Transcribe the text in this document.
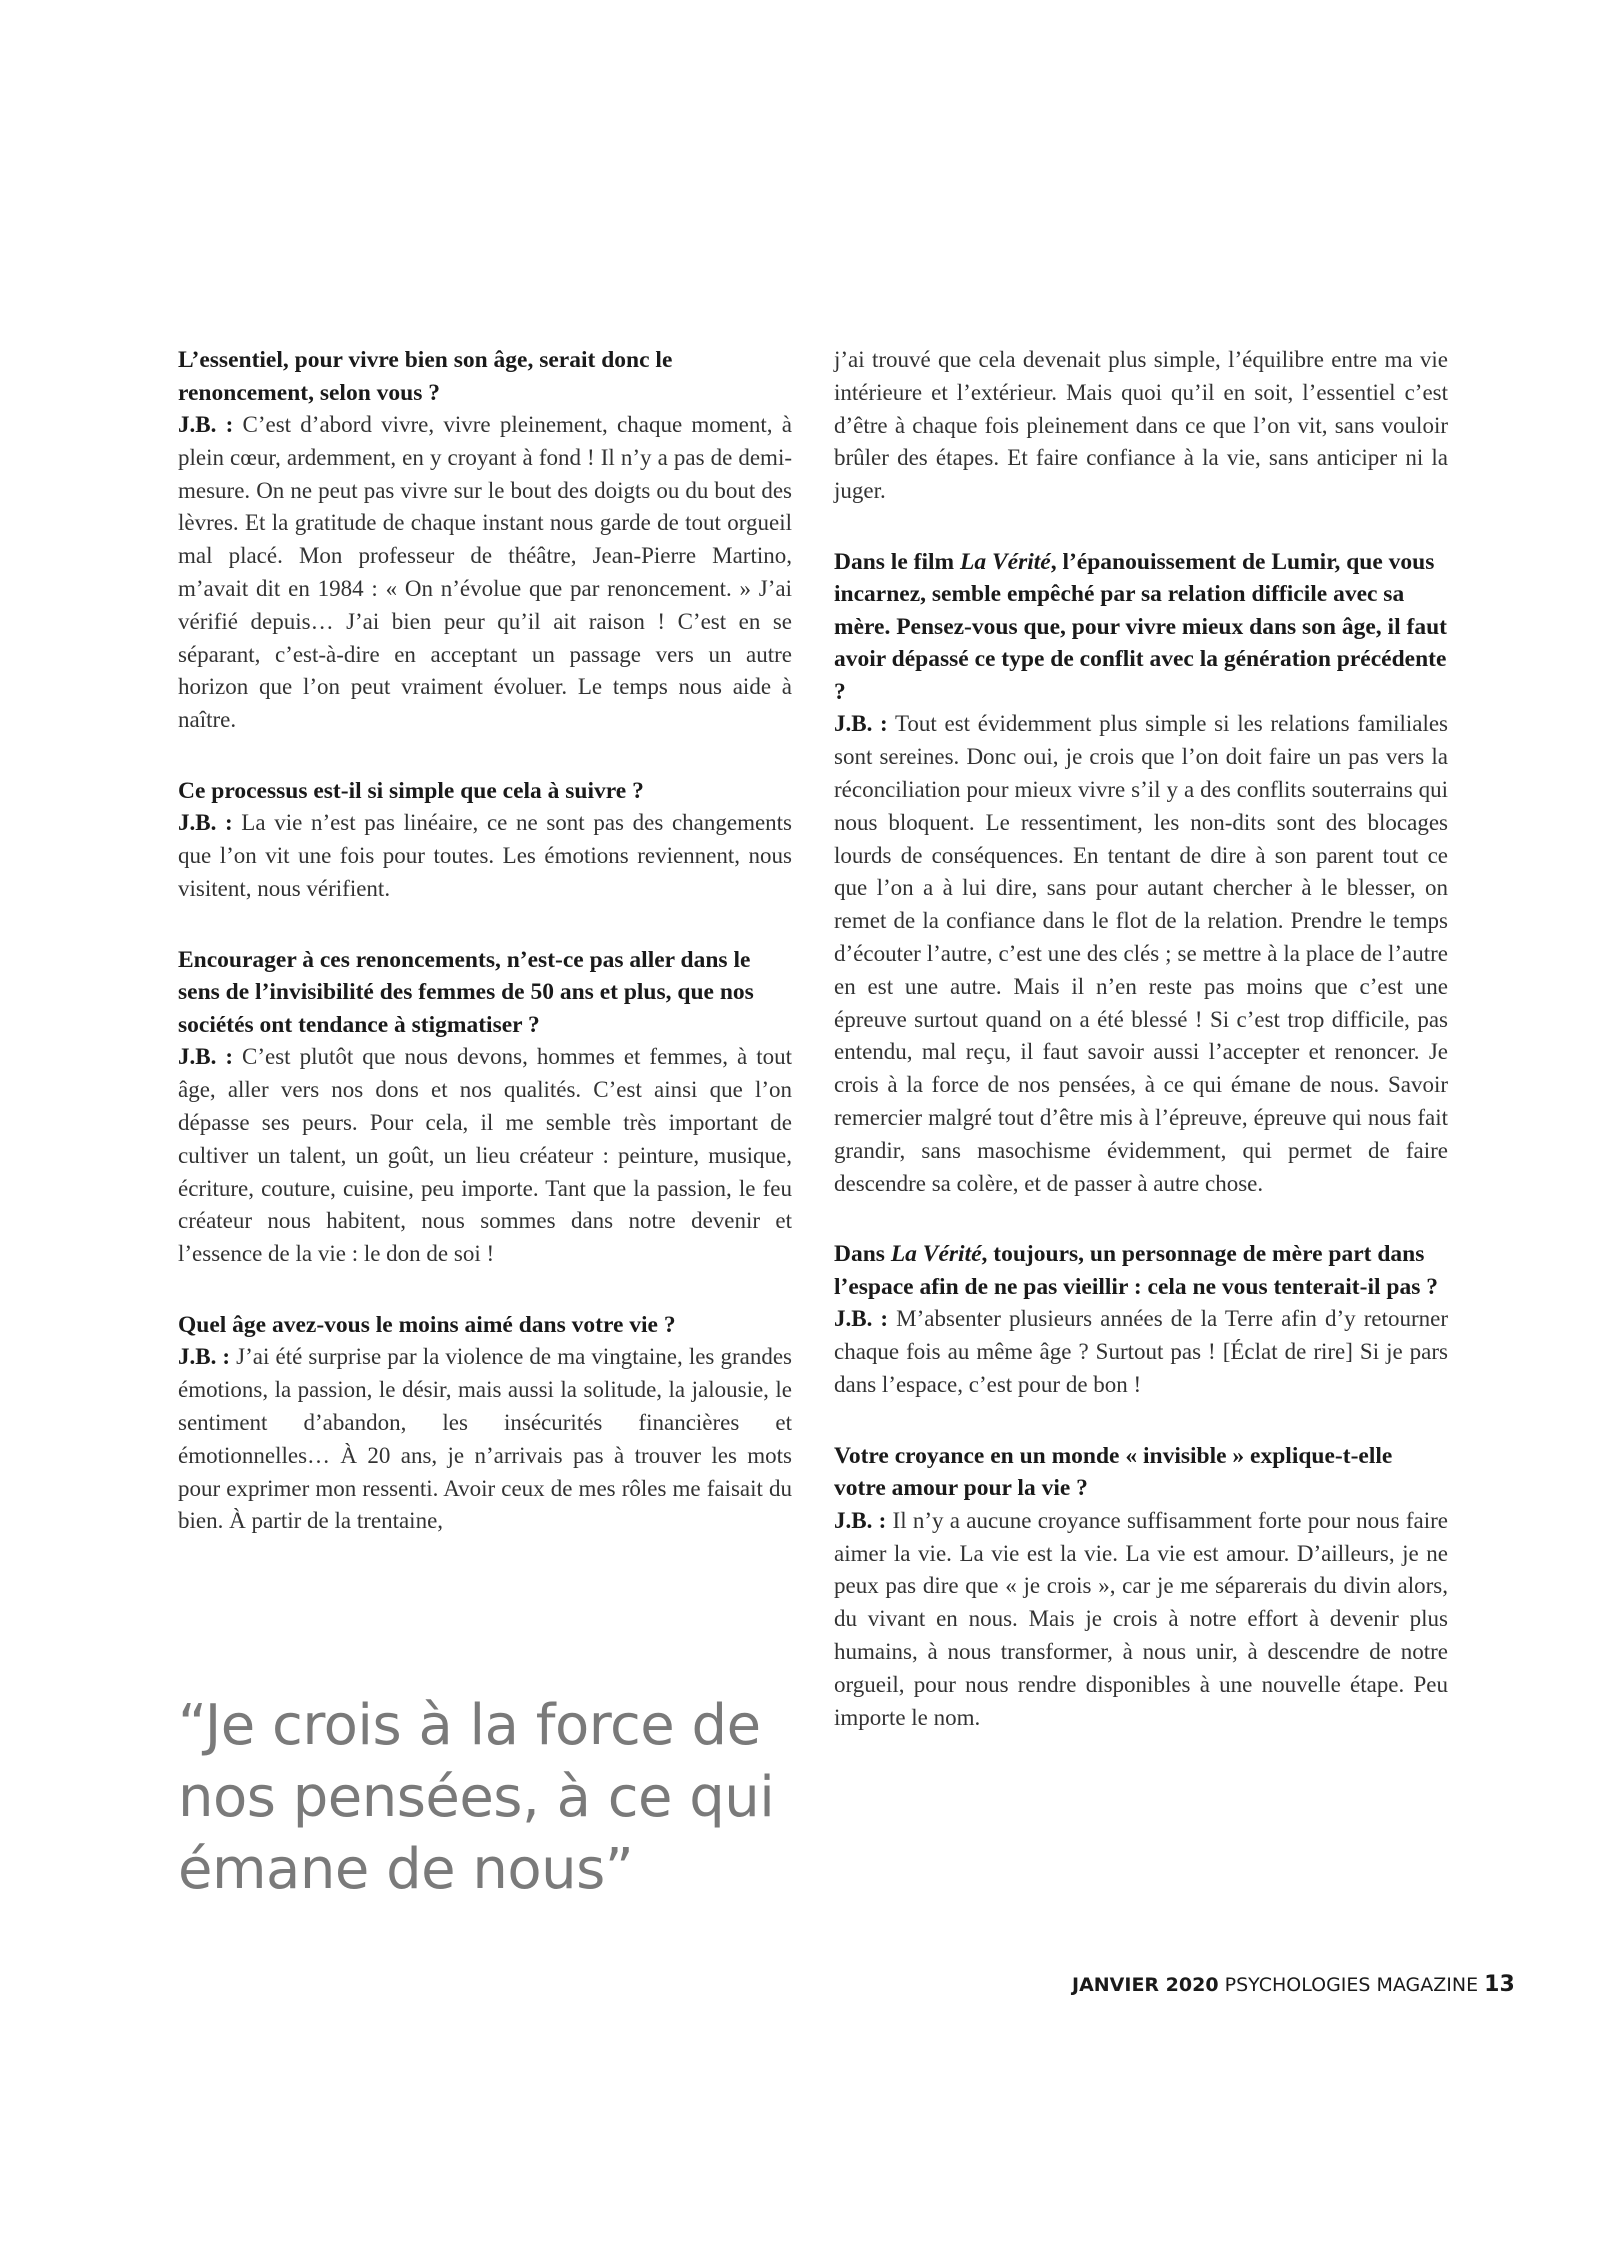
L’essentiel, pour vivre bien son âge, serait donc le renoncement, selon vous ?

J.B. : C’est d’abord vivre, vivre pleinement, chaque moment, à plein cœur, ardemment, en y croyant à fond ! Il n’y a pas de demi-mesure. On ne peut pas vivre sur le bout des doigts ou du bout des lèvres. Et la gratitude de chaque instant nous garde de tout orgueil mal placé. Mon professeur de théâtre, Jean-Pierre Martino, m’avait dit en 1984 : « On n’évolue que par renoncement. » J’ai vérifié depuis… J’ai bien peur qu’il ait raison ! C’est en se séparant, c’est-à-dire en acceptant un passage vers un autre horizon que l’on peut vraiment évoluer. Le temps nous aide à naître.

Ce processus est-il si simple que cela à suivre ?

J.B. : La vie n’est pas linéaire, ce ne sont pas des changements que l’on vit une fois pour toutes. Les émotions reviennent, nous visitent, nous vérifient.

Encourager à ces renoncements, n’est-ce pas aller dans le sens de l’invisibilité des femmes de 50 ans et plus, que nos sociétés ont tendance à stigmatiser ?

J.B. : C’est plutôt que nous devons, hommes et femmes, à tout âge, aller vers nos dons et nos qualités. C’est ainsi que l’on dépasse ses peurs. Pour cela, il me semble très important de cultiver un talent, un goût, un lieu créateur : peinture, musique, écriture, couture, cuisine, peu importe. Tant que la passion, le feu créateur nous habitent, nous sommes dans notre devenir et l’essence de la vie : le don de soi !

Quel âge avez-vous le moins aimé dans votre vie ?

J.B. : J’ai été surprise par la violence de ma vingtaine, les grandes émotions, la passion, le désir, mais aussi la solitude, la jalousie, le sentiment d’abandon, les insécurités financières et émotionnelles… À 20 ans, je n’arrivais pas à trouver les mots pour exprimer mon ressenti. Avoir ceux de mes rôles me faisait du bien. À partir de la trentaine,

“Je crois à la force de nos pensées, à ce qui émane de nous”

j’ai trouvé que cela devenait plus simple, l’équilibre entre ma vie intérieure et l’extérieur. Mais quoi qu’il en soit, l’essentiel c’est d’être à chaque fois pleinement dans ce que l’on vit, sans vouloir brûler des étapes. Et faire confiance à la vie, sans anticiper ni la juger.

Dans le film La Vérité, l’épanouissement de Lumir, que vous incarnez, semble empêché par sa relation difficile avec sa mère. Pensez-vous que, pour vivre mieux dans son âge, il faut avoir dépassé ce type de conflit avec la génération précédente ?

J.B. : Tout est évidemment plus simple si les relations familiales sont sereines. Donc oui, je crois que l’on doit faire un pas vers la réconciliation pour mieux vivre s’il y a des conflits souterrains qui nous bloquent. Le ressentiment, les non-dits sont des blocages lourds de conséquences. En tentant de dire à son parent tout ce que l’on a à lui dire, sans pour autant chercher à le blesser, on remet de la confiance dans le flot de la relation. Prendre le temps d’écouter l’autre, c’est une des clés ; se mettre à la place de l’autre en est une autre. Mais il n’en reste pas moins que c’est une épreuve surtout quand on a été blessé ! Si c’est trop difficile, pas entendu, mal reçu, il faut savoir aussi l’accepter et renoncer. Je crois à la force de nos pensées, à ce qui émane de nous. Savoir remercier malgré tout d’être mis à l’épreuve, épreuve qui nous fait grandir, sans masochisme évidemment, qui permet de faire descendre sa colère, et de passer à autre chose.

Dans La Vérité, toujours, un personnage de mère part dans l’espace afin de ne pas vieillir : cela ne vous tenterait-il pas ?

J.B. : M’absenter plusieurs années de la Terre afin d’y retourner chaque fois au même âge ? Surtout pas ! [Éclat de rire] Si je pars dans l’espace, c’est pour de bon !

Votre croyance en un monde « invisible » explique-t-elle votre amour pour la vie ?

J.B. : Il n’y a aucune croyance suffisamment forte pour nous faire aimer la vie. La vie est la vie. La vie est amour. D’ailleurs, je ne peux pas dire que « je crois », car je me séparerais du divin alors, du vivant en nous. Mais je crois à notre effort à devenir plus humains, à nous transformer, à nous unir, à descendre de notre orgueil, pour nous rendre disponibles à une nouvelle étape. Peu importe le nom.

JANVIER 2020 PSYCHOLOGIES MAGAZINE 13
